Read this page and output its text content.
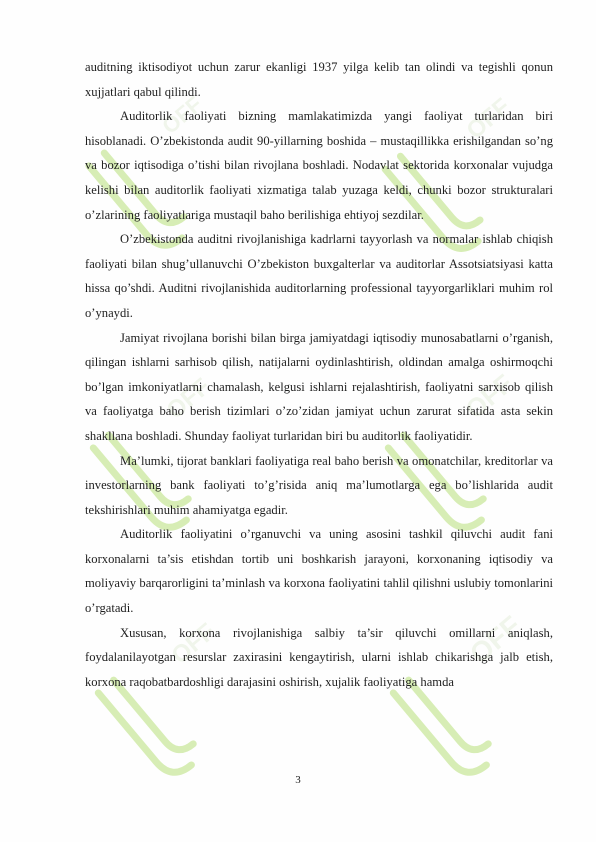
OFF	OFF
OFF	OFF
OFF	OFF

auditning iktisodiyot uchun zarur ekanligi 1937 yilga kelib tan olindi va tegishli qonun xujjatlari qabul qilindi.

Auditorlik faoliyati bizning mamlakatimizda yangi faoliyat turlaridan biri hisoblanadi. O’zbekistonda audit 90-yillarning boshida – mustaqillikka erishilgandan so’ng va bozor iqtisodiga o’tishi bilan rivojlana boshladi. Nodavlat sektorida korxonalar vujudga kelishi bilan auditorlik faoliyati xizmatiga talab yuzaga keldi, chunki bozor strukturalari o’zlarining faoliyatlariga mustaqil baho berilishiga ehtiyoj sezdilar.

O’zbekistonda auditni rivojlanishiga kadrlarni tayyorlash va normalar ishlab chiqish faoliyati bilan shug’ullanuvchi O’zbekiston buxgalterlar va auditorlar Assotsiatsiyasi katta hissa qo’shdi. Auditni rivojlanishida auditorlarning professional tayyorgarliklari muhim rol o’ynaydi.

Jamiyat rivojlana borishi bilan birga jamiyatdagi iqtisodiy munosabatlarni o’rganish, qilingan ishlarni sarhisob qilish, natijalarni oydinlashtirish, oldindan amalga oshirmoqchi bo’lgan imkoniyatlarni chamalash, kelgusi ishlarni rejalashtirish, faoliyatni sarxisob qilish va faoliyatga baho berish tizimlari o’zo’zidan jamiyat uchun zarurat sifatida asta sekin shakllana boshladi. Shunday faoliyat turlaridan biri bu auditorlik faoliyatidir.

Ma’lumki, tijorat banklari faoliyatiga real baho berish va omonatchilar, kreditorlar va investorlarning bank faoliyati to’g’risida aniq ma’lumotlarga ega bo’lishlarida audit tekshirishlari muhim ahamiyatga egadir.

Auditorlik faoliyatini o’rganuvchi va uning asosini tashkil qiluvchi audit fani korxonalarni ta’sis etishdan tortib uni boshkarish jarayoni, korxonaning iqtisodiy va moliyaviy barqarorligini ta’minlash va korxona faoliyatini tahlil qilishni uslubiy tomonlarini o’rgatadi.

Xususan, korxona rivojlanishiga salbiy ta’sir qiluvchi omillarni aniqlash, foydalanilayotgan resurslar zaxirasini kengaytirish, ularni ishlab chikarishga jalb etish, korxona raqobatbardoshligi darajasini oshirish, xujalik faoliyatiga hamda

3
